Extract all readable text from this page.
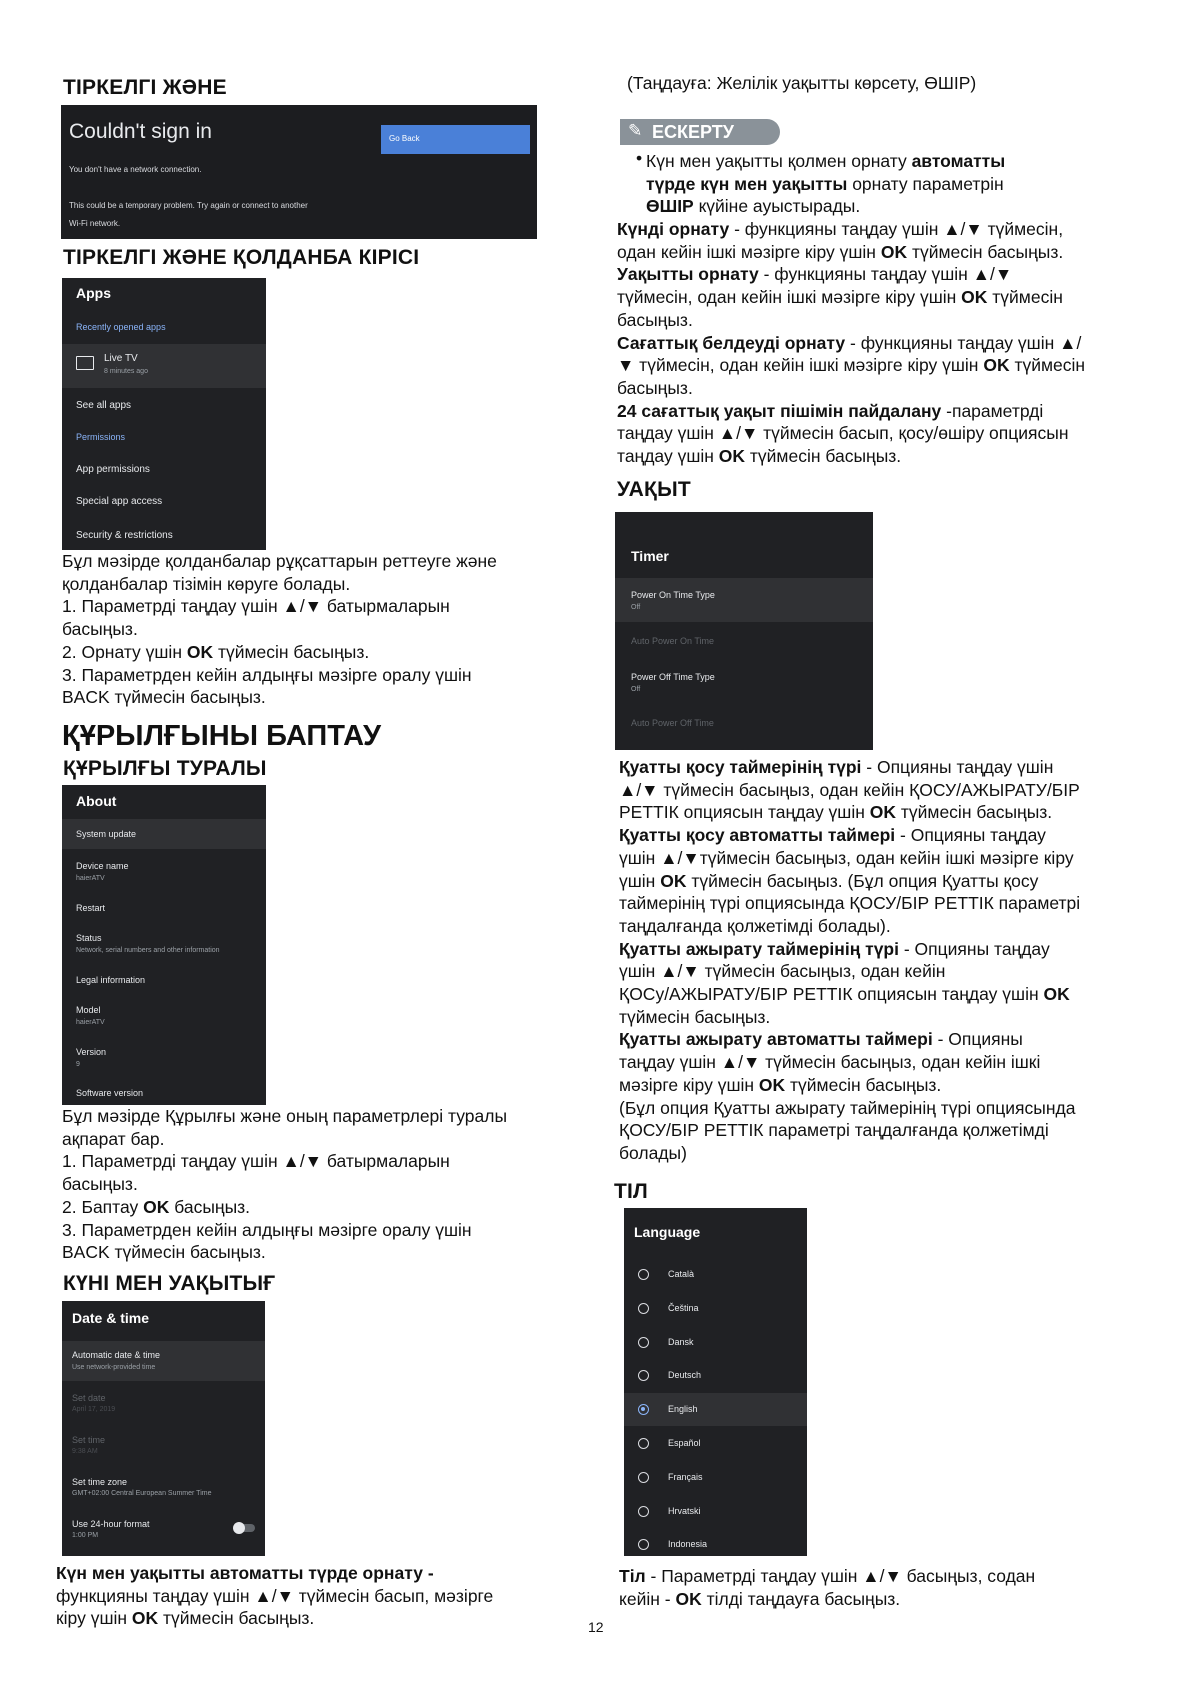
ТІРКЕЛГІ ЖӘНЕ
Couldn't sign in	Go Back
You don't have a network connection.
This could be a temporary problem. Try again or connect to another
Wi-Fi network.
ТІРКЕЛГІ ЖӘНЕ ҚОЛДАНБА КІРІСІ
Apps
Recently opened apps
Live TV
8 minutes ago
See all apps
Permissions
App permissions
Special app access
Security & restrictions
Бұл мәзірде қолданбалар рұқсаттарын реттеуге және
қолданбалар тізімін көруге болады.
1. Параметрді таңдау үшін ▲/▼ батырмаларын
басыңыз.
2. Орнату үшін OK түймесін басыңыз.
3. Параметрден кейін алдыңғы мәзірге оралу үшін
BACK түймесін басыңыз.
ҚҰРЫЛҒЫНЫ БАПТАУ
ҚҰРЫЛҒЫ ТУРАЛЫ
About
System update
Device name
haierATV
Restart
Status
Network, serial numbers and other information
Legal information
Model
haierATV
Version
9
Software version
Бұл мәзірде Құрылғы және оның параметрлері туралы
ақпарат бар.
1. Параметрді таңдау үшін ▲/▼ батырмаларын
басыңыз.
2. Баптау OK басыңыз.
3. Параметрден кейін алдыңғы мәзірге оралу үшін
BACK түймесін басыңыз.
КҮНІ МЕН УАҚЫТЫҒ
Date & time
Automatic date & time
Use network-provided time
Set date
April 17, 2019
Set time
9:38 AM
Set time zone
GMT+02:00 Central European Summer Time
Use 24-hour format
1:00 PM
Күн мен уақытты автоматты түрде орнату -
функцияны таңдау үшін ▲/▼ түймесін басып, мәзірге
кіру үшін OK түймесін басыңыз.
(Таңдауға: Желілік уақытты көрсету, ӨШІР)
✎ ЕСКЕРТУ
• Күн мен уақытты қолмен орнату автоматты
түрде күн мен уақытты орнату параметрін
ӨШІР күйіне ауыстырады.
Күнді орнату - функцияны таңдау үшін ▲/▼ түймесін,
одан кейін ішкі мәзірге кіру үшін OK түймесін басыңыз.
Уақытты орнату - функцияны таңдау үшін ▲/▼
түймесін, одан кейін ішкі мәзірге кіру үшін OK түймесін
басыңыз.
Сағаттық белдеуді орнату - функцияны таңдау үшін ▲/
▼ түймесін, одан кейін ішкі мәзірге кіру үшін OK түймесін
басыңыз.
24 сағаттық уақыт пішімін пайдалану -параметрді
таңдау үшін ▲/▼ түймесін басып, қосу/өшіру опциясын
таңдау үшін OK түймесін басыңыз.
УАҚЫТ
Timer
Power On Time Type
Off
Auto Power On Time
Power Off Time Type
Off
Auto Power Off Time
Қуатты қосу таймерінің түрі - Опцияны таңдау үшін
▲/▼ түймесін басыңыз, одан кейін ҚОСУ/АЖЫРАТУ/БІР
РЕТТІК опциясын таңдау үшін OK түймесін басыңыз.
Қуатты қосу автоматты таймері - Опцияны таңдау
үшін ▲/▼түймесін басыңыз, одан кейін ішкі мәзірге кіру
үшін OK түймесін басыңыз. (Бұл опция Қуатты қосу
таймерінің түрі опциясында ҚОСУ/БІР РЕТТІК параметрі
таңдалғанда қолжетімді болады).
Қуатты ажырату таймерінің түрі - Опцияны таңдау
үшін ▲/▼ түймесін басыңыз, одан кейін
ҚОСу/АЖЫРАТУ/БІР РЕТТІК опциясын таңдау үшін OK
түймесін басыңыз.
Қуатты ажырату автоматты таймері - Опцияны
таңдау үшін ▲/▼ түймесін басыңыз, одан кейін ішкі
мәзірге кіру үшін OK түймесін басыңыз.
(Бұл опция Қуатты ажырату таймерінің түрі опциясында
ҚОСУ/БІР РЕТТІК параметрі таңдалғанда қолжетімді
болады)
ТІЛ
Language
Català
Čeština
Dansk
Deutsch
English
Español
Français
Hrvatski
Indonesia
Тіл - Параметрді таңдау үшін ▲/▼ басыңыз, содан
кейін - OK тілді таңдауға басыңыз.
12
